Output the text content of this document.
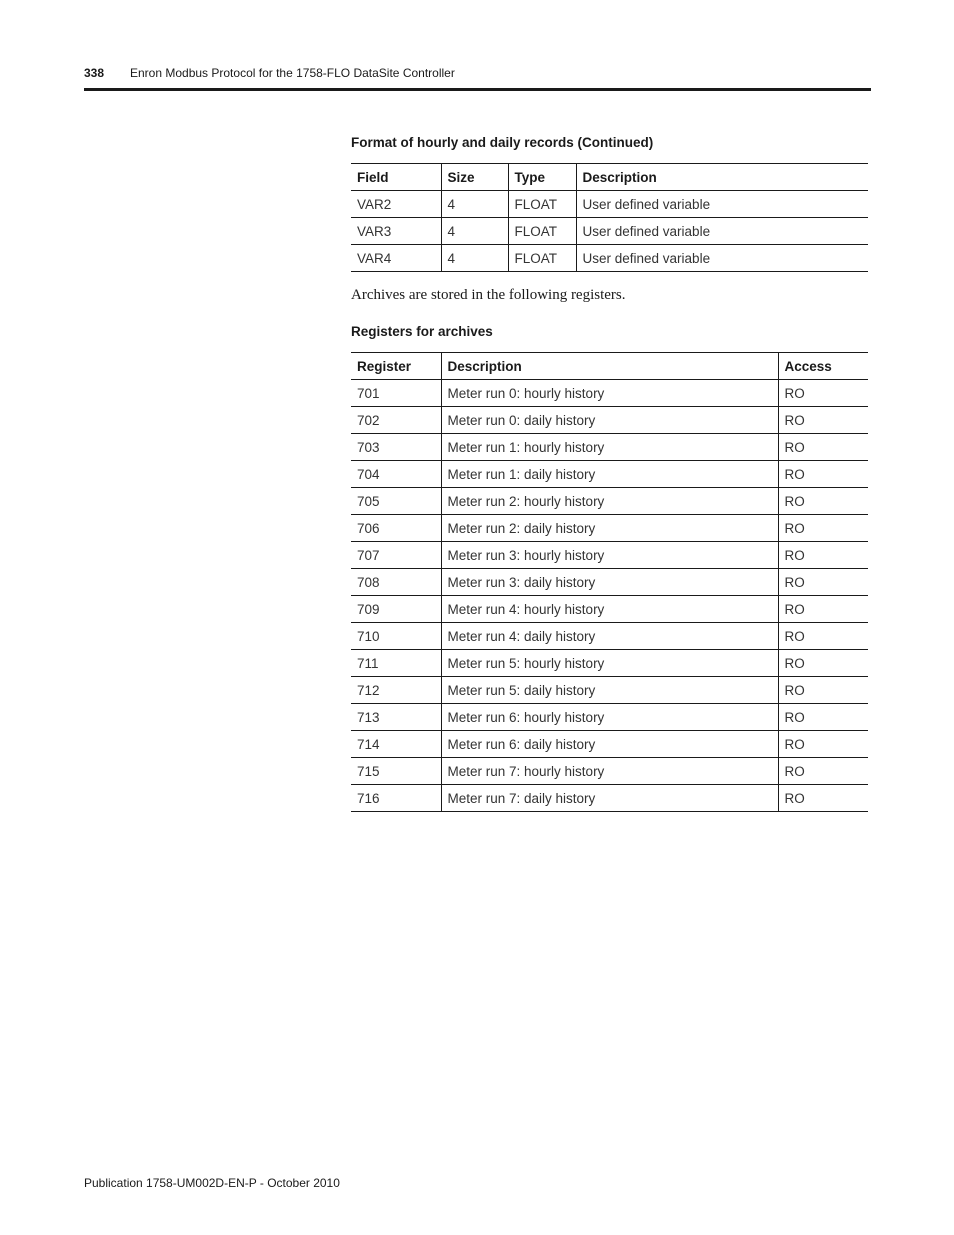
338 Enron Modbus Protocol for the 1758-FLO DataSite Controller
Format of hourly and daily records (Continued)
Field	Size	Type	Description
VAR2	4	FLOAT	User defined variable
VAR3	4	FLOAT	User defined variable
VAR4	4	FLOAT	User defined variable
Archives are stored in the following registers.
Registers for archives
Register	Description	Access
701	Meter run 0: hourly history	RO
702	Meter run 0: daily history	RO
703	Meter run 1: hourly history	RO
704	Meter run 1: daily history	RO
705	Meter run 2: hourly history	RO
706	Meter run 2: daily history	RO
707	Meter run 3: hourly history	RO
708	Meter run 3: daily history	RO
709	Meter run 4: hourly history	RO
710	Meter run 4: daily history	RO
711	Meter run 5: hourly history	RO
712	Meter run 5: daily history	RO
713	Meter run 6: hourly history	RO
714	Meter run 6: daily history	RO
715	Meter run 7: hourly history	RO
716	Meter run 7: daily history	RO
Publication 1758-UM002D-EN-P - October 2010
